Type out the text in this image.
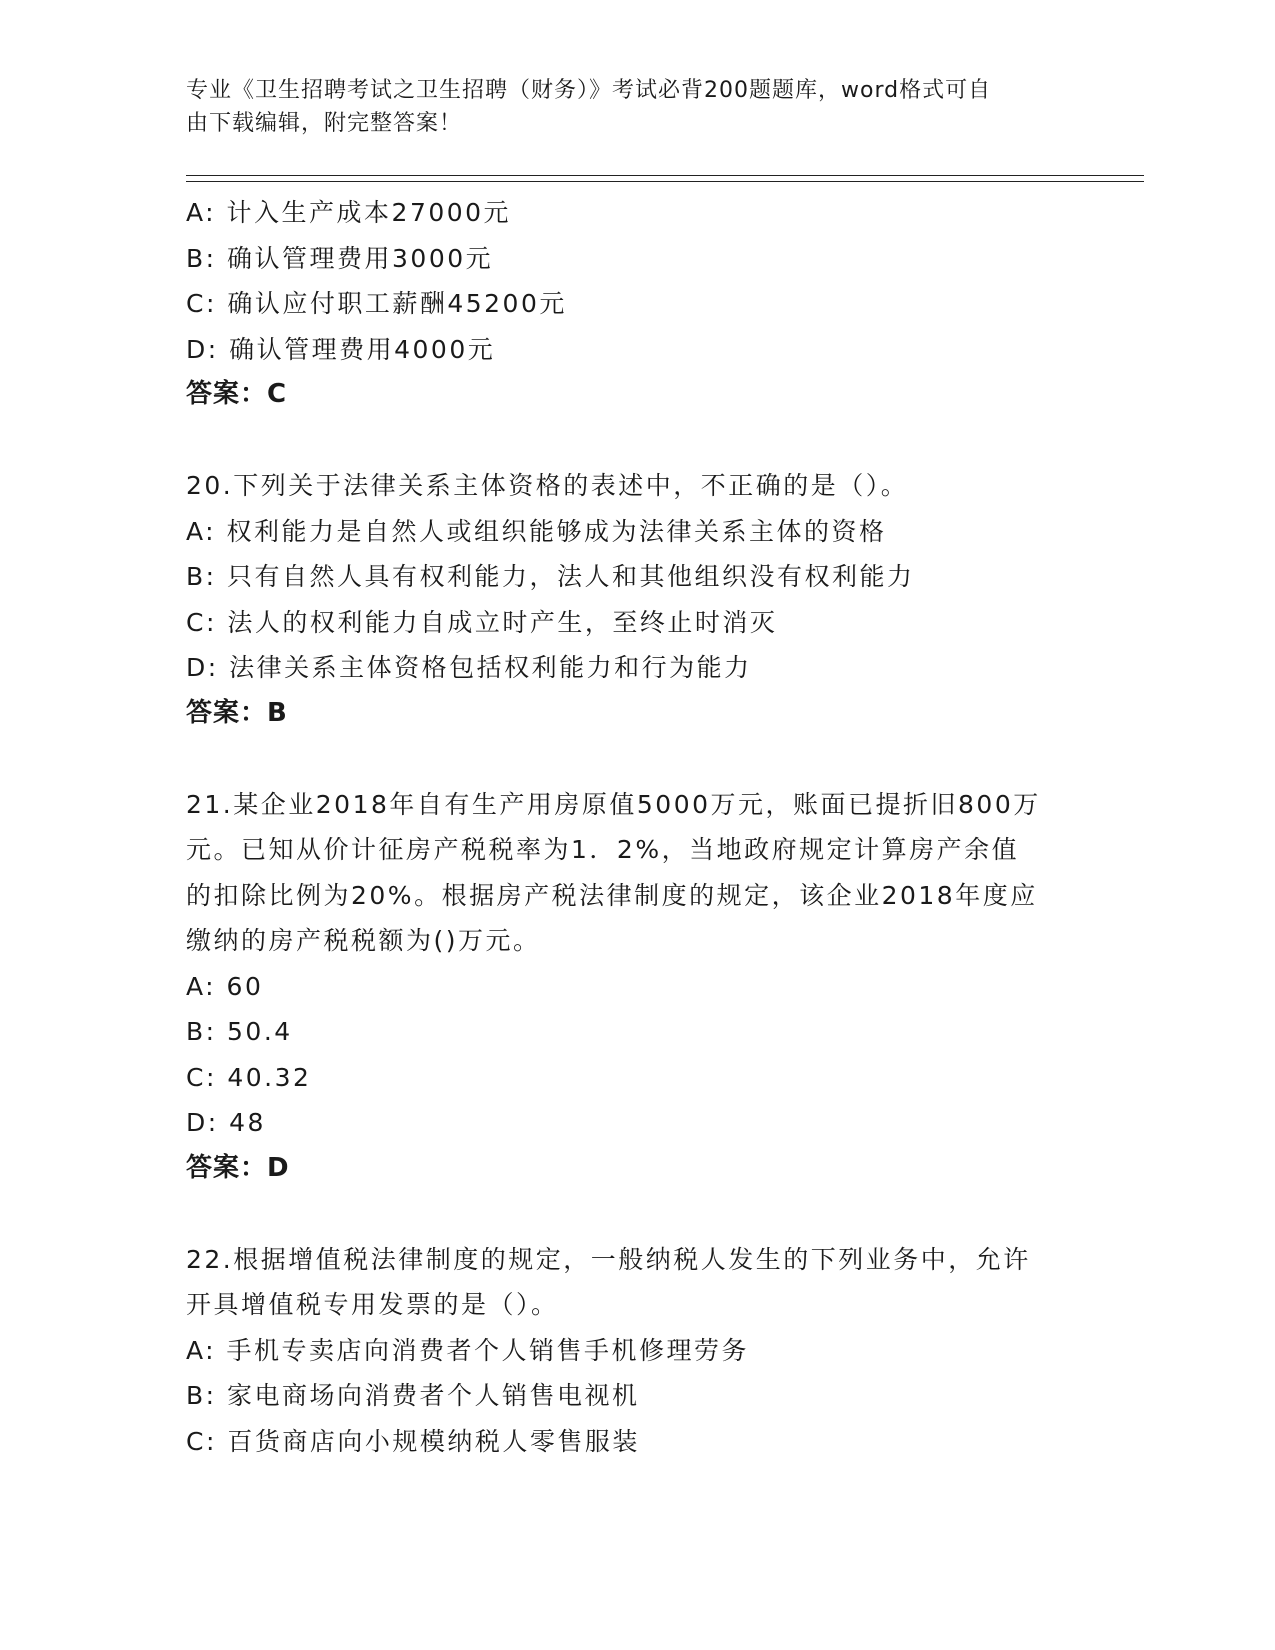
专业《卫生招聘考试之卫生招聘（财务）》考试必背200题题库，word格式可自
由下载编辑，附完整答案！
A: 计入生产成本27000元
B: 确认管理费用3000元
C: 确认应付职工薪酬45200元
D: 确认管理费用4000元
答案：C
20.下列关于法律关系主体资格的表述中，不正确的是（）。
A: 权利能力是自然人或组织能够成为法律关系主体的资格
B: 只有自然人具有权利能力，法人和其他组织没有权利能力
C: 法人的权利能力自成立时产生，至终止时消灭
D: 法律关系主体资格包括权利能力和行为能力
答案：B
21.某企业2018年自有生产用房原值5000万元，账面已提折旧800万
元。已知从价计征房产税税率为1．2%，当地政府规定计算房产余值
的扣除比例为20%。根据房产税法律制度的规定，该企业2018年度应
缴纳的房产税税额为()万元。
A: 60
B: 50.4
C: 40.32
D: 48
答案：D
22.根据增值税法律制度的规定，一般纳税人发生的下列业务中，允许
开具增值税专用发票的是（）。
A: 手机专卖店向消费者个人销售手机修理劳务
B: 家电商场向消费者个人销售电视机
C: 百货商店向小规模纳税人零售服装
